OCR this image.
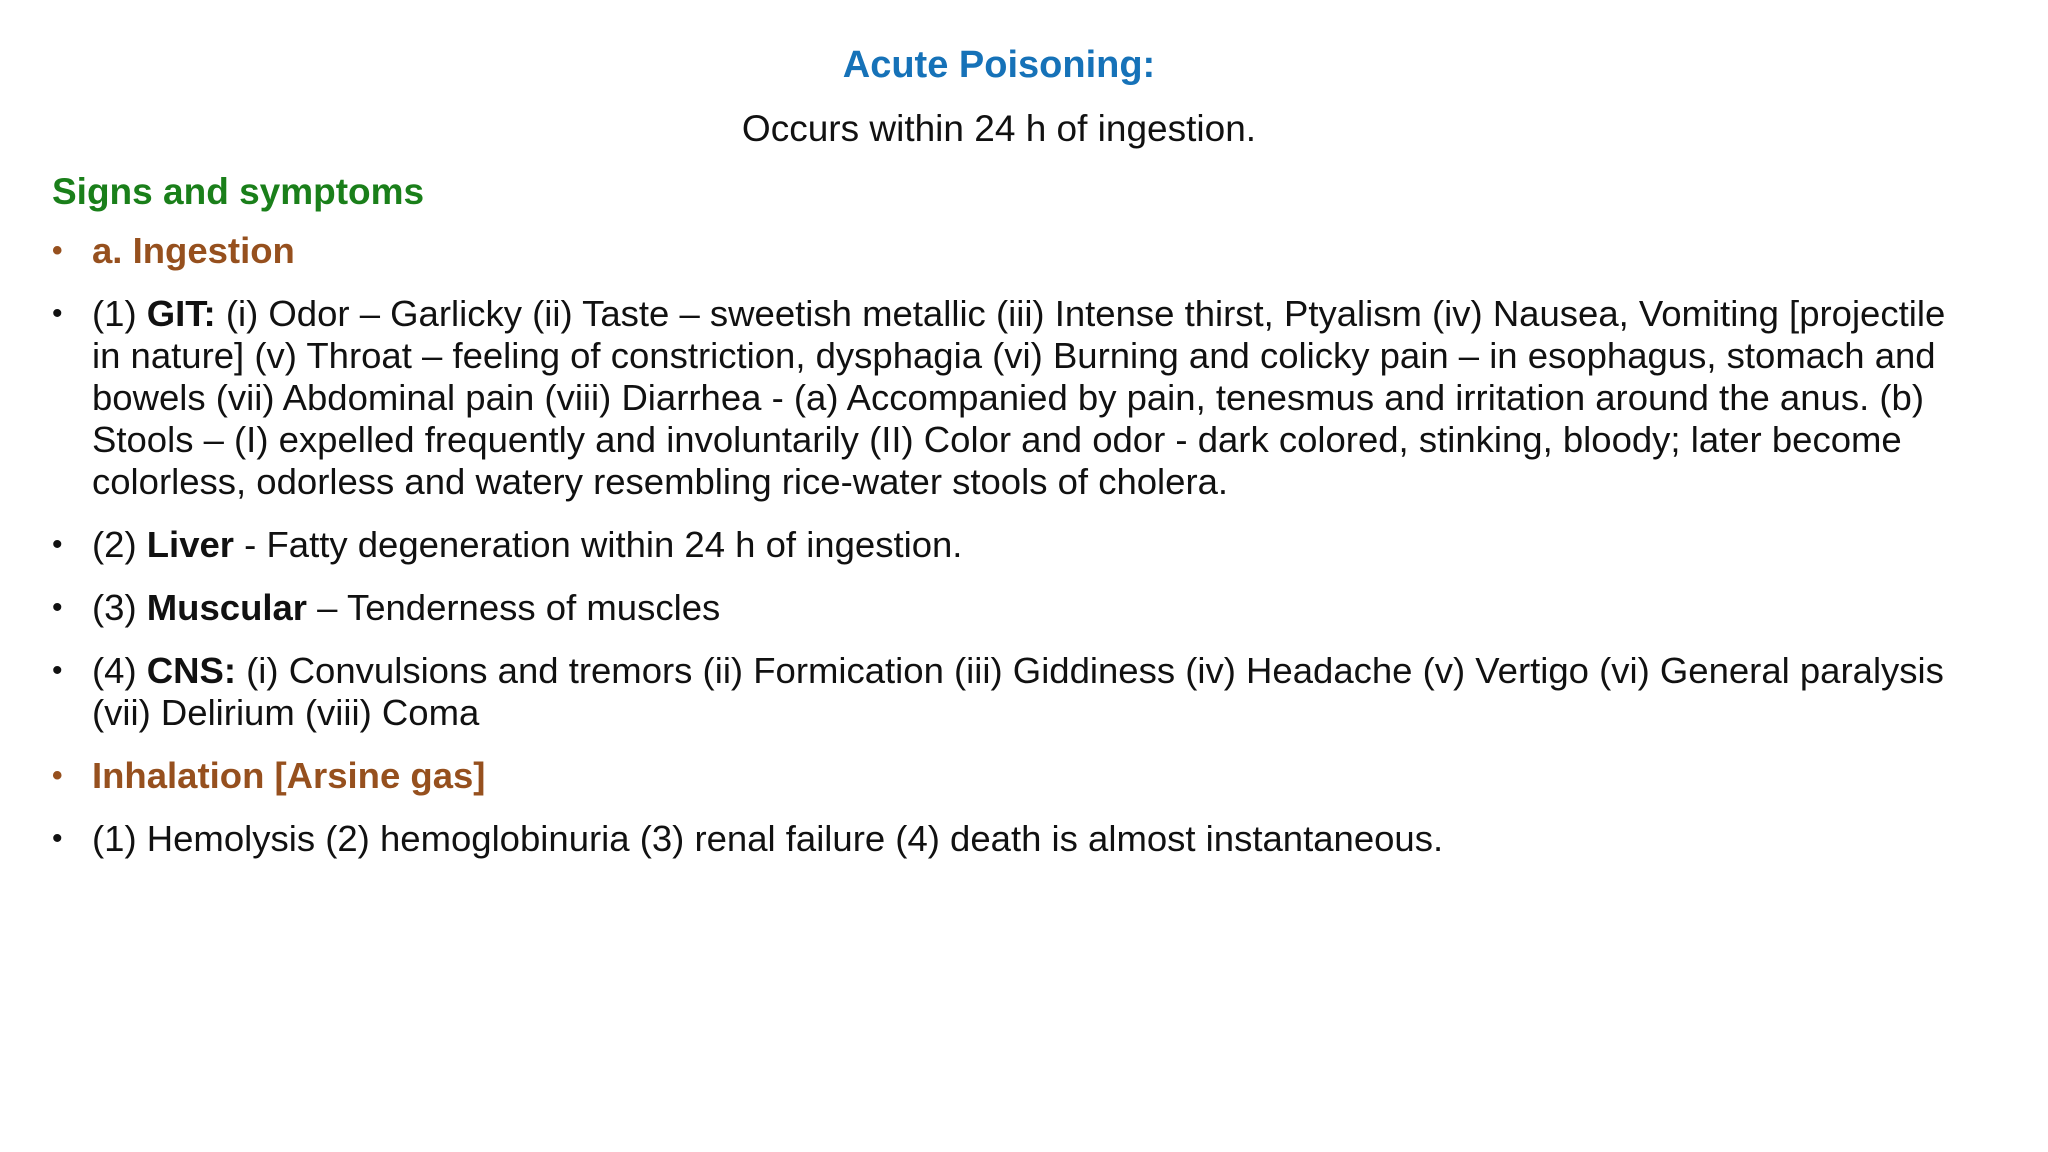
Acute Poisoning:
Occurs within 24 h of ingestion.
Signs and symptoms
• a. Ingestion
• (1) GIT: (i) Odor – Garlicky (ii) Taste – sweetish metallic (iii) Intense thirst, Ptyalism (iv) Nausea, Vomiting [projectile in nature] (v) Throat – feeling of constriction, dysphagia (vi) Burning and colicky pain – in esophagus, stomach and bowels (vii) Abdominal pain (viii) Diarrhea - (a) Accompanied by pain, tenesmus and irritation around the anus. (b) Stools – (I) expelled frequently and involuntarily (II) Color and odor - dark colored, stinking, bloody; later become colorless, odorless and watery resembling rice-water stools of cholera.
• (2) Liver - Fatty degeneration within 24 h of ingestion.
• (3) Muscular – Tenderness of muscles
• (4) CNS: (i) Convulsions and tremors (ii) Formication (iii) Giddiness (iv) Headache (v) Vertigo (vi) General paralysis (vii) Delirium (viii) Coma
• Inhalation [Arsine gas]
• (1) Hemolysis (2) hemoglobinuria (3) renal failure (4) death is almost instantaneous.
